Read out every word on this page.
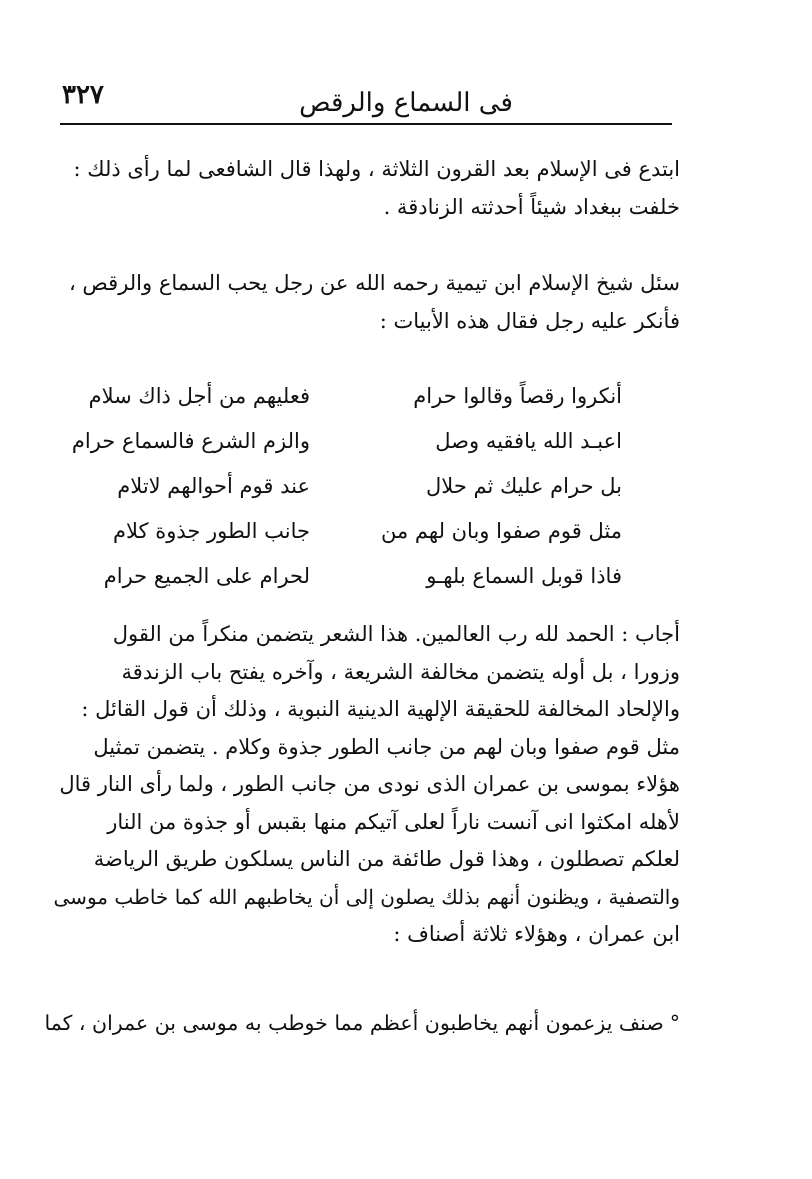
٣٢٧	فى السماع والرقص
ابتدع فى الإسلام بعد القرون الثلاثة ، ولهذا قال الشافعى لما رأى ذلك :
خلفت ببغداد شيئاً أحدثته الزنادقة .
سئل شيخ الإسلام ابن تيمية رحمه الله عن رجل يحب السماع والرقص ،
فأنكر عليه رجل فقال هذه الأبيات :
أنكروا رقصاً وقالوا حرام
فعليهم من أجل ذاك سلام
اعبـد الله يافقيه وصل
والزم الشرع فالسماع حرام
بل حرام عليك ثم حلال
عند قوم أحوالهم لاتلام
مثل قوم صفوا وبان لهم من
جانب الطور جذوة كلام
فاذا قوبل السماع بلهـو
لحرام على الجميع حرام
أجاب : الحمد لله رب العالمين. هذا الشعر يتضمن منكراً من القول
وزورا ، بل أوله يتضمن مخالفة الشريعة ، وآخره يفتح باب الزندقة
والإلحاد المخالفة للحقيقة الإلهية الدينية النبوية ، وذلك أن قول القائل :
مثل قوم صفوا وبان لهم من جانب الطور جذوة وكلام . يتضمن تمثيل
هؤلاء بموسى بن عمران الذى نودى من جانب الطور ، ولما رأى النار قال
لأهله امكثوا انى آنست ناراً لعلى آتيكم منها بقبس أو جذوة من النار
لعلكم تصطلون ، وهذا قول طائفة من الناس يسلكون طريق الرياضة
والتصفية ، ويظنون أنهم بذلك يصلون إلى أن يخاطبهم الله كما خاطب موسى
ابن عمران ، وهؤلاء ثلاثة أصناف :
°صنف يزعمون أنهم يخاطبون أعظم مما خوطب به موسى بن عمران ، كما
